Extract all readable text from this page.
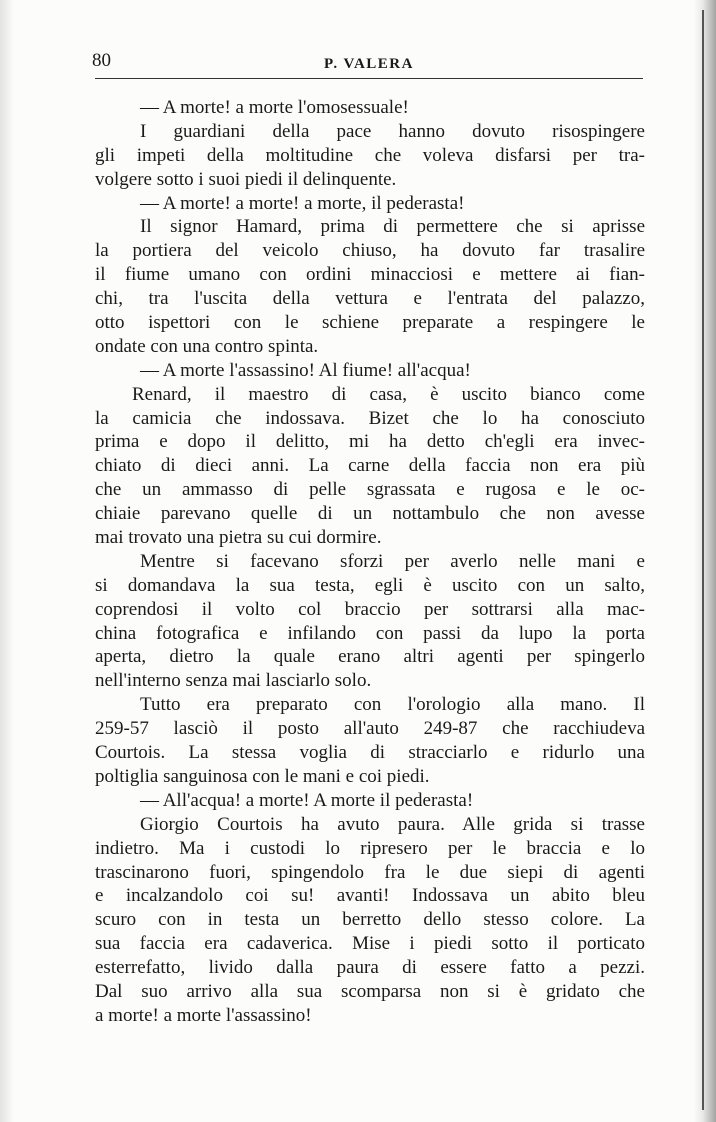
80	P. VALERA
— A morte! a morte l'omosessuale!
I guardiani della pace hanno dovuto risospingere
gli impeti della moltitudine che voleva disfarsi per tra-
volgere sotto i suoi piedi il delinquente.
— A morte! a morte! a morte, il pederasta!
Il signor Hamard, prima di permettere che si aprisse
la portiera del veicolo chiuso, ha dovuto far trasalire
il fiume umano con ordini minacciosi e mettere ai fian-
chi, tra l'uscita della vettura e l'entrata del palazzo,
otto ispettori con le schiene preparate a respingere le
ondate con una contro spinta.
— A morte l'assassino! Al fiume! all'acqua!
Renard, il maestro di casa, è uscito bianco come
la camicia che indossava. Bizet che lo ha conosciuto
prima e dopo il delitto, mi ha detto ch'egli era invec-
chiato di dieci anni. La carne della faccia non era più
che un ammasso di pelle sgrassata e rugosa e le oc-
chiaie parevano quelle di un nottambulo che non avesse
mai trovato una pietra su cui dormire.
Mentre si facevano sforzi per averlo nelle mani e
si domandava la sua testa, egli è uscito con un salto,
coprendosi il volto col braccio per sottrarsi alla mac-
china fotografica e infilando con passi da lupo la porta
aperta, dietro la quale erano altri agenti per spingerlo
nell'interno senza mai lasciarlo solo.
Tutto era preparato con l'orologio alla mano. Il
259-57 lasciò il posto all'auto 249-87 che racchiudeva
Courtois. La stessa voglia di stracciarlo e ridurlo una
poltiglia sanguinosa con le mani e coi piedi.
— All'acqua! a morte! A morte il pederasta!
Giorgio Courtois ha avuto paura. Alle grida si trasse
indietro. Ma i custodi lo ripresero per le braccia e lo
trascinarono fuori, spingendolo fra le due siepi di agenti
e incalzandolo coi su! avanti! Indossava un abito bleu
scuro con in testa un berretto dello stesso colore. La
sua faccia era cadaverica. Mise i piedi sotto il porticato
esterrefatto, livido dalla paura di essere fatto a pezzi.
Dal suo arrivo alla sua scomparsa non si è gridato che
a morte! a morte l'assassino!
